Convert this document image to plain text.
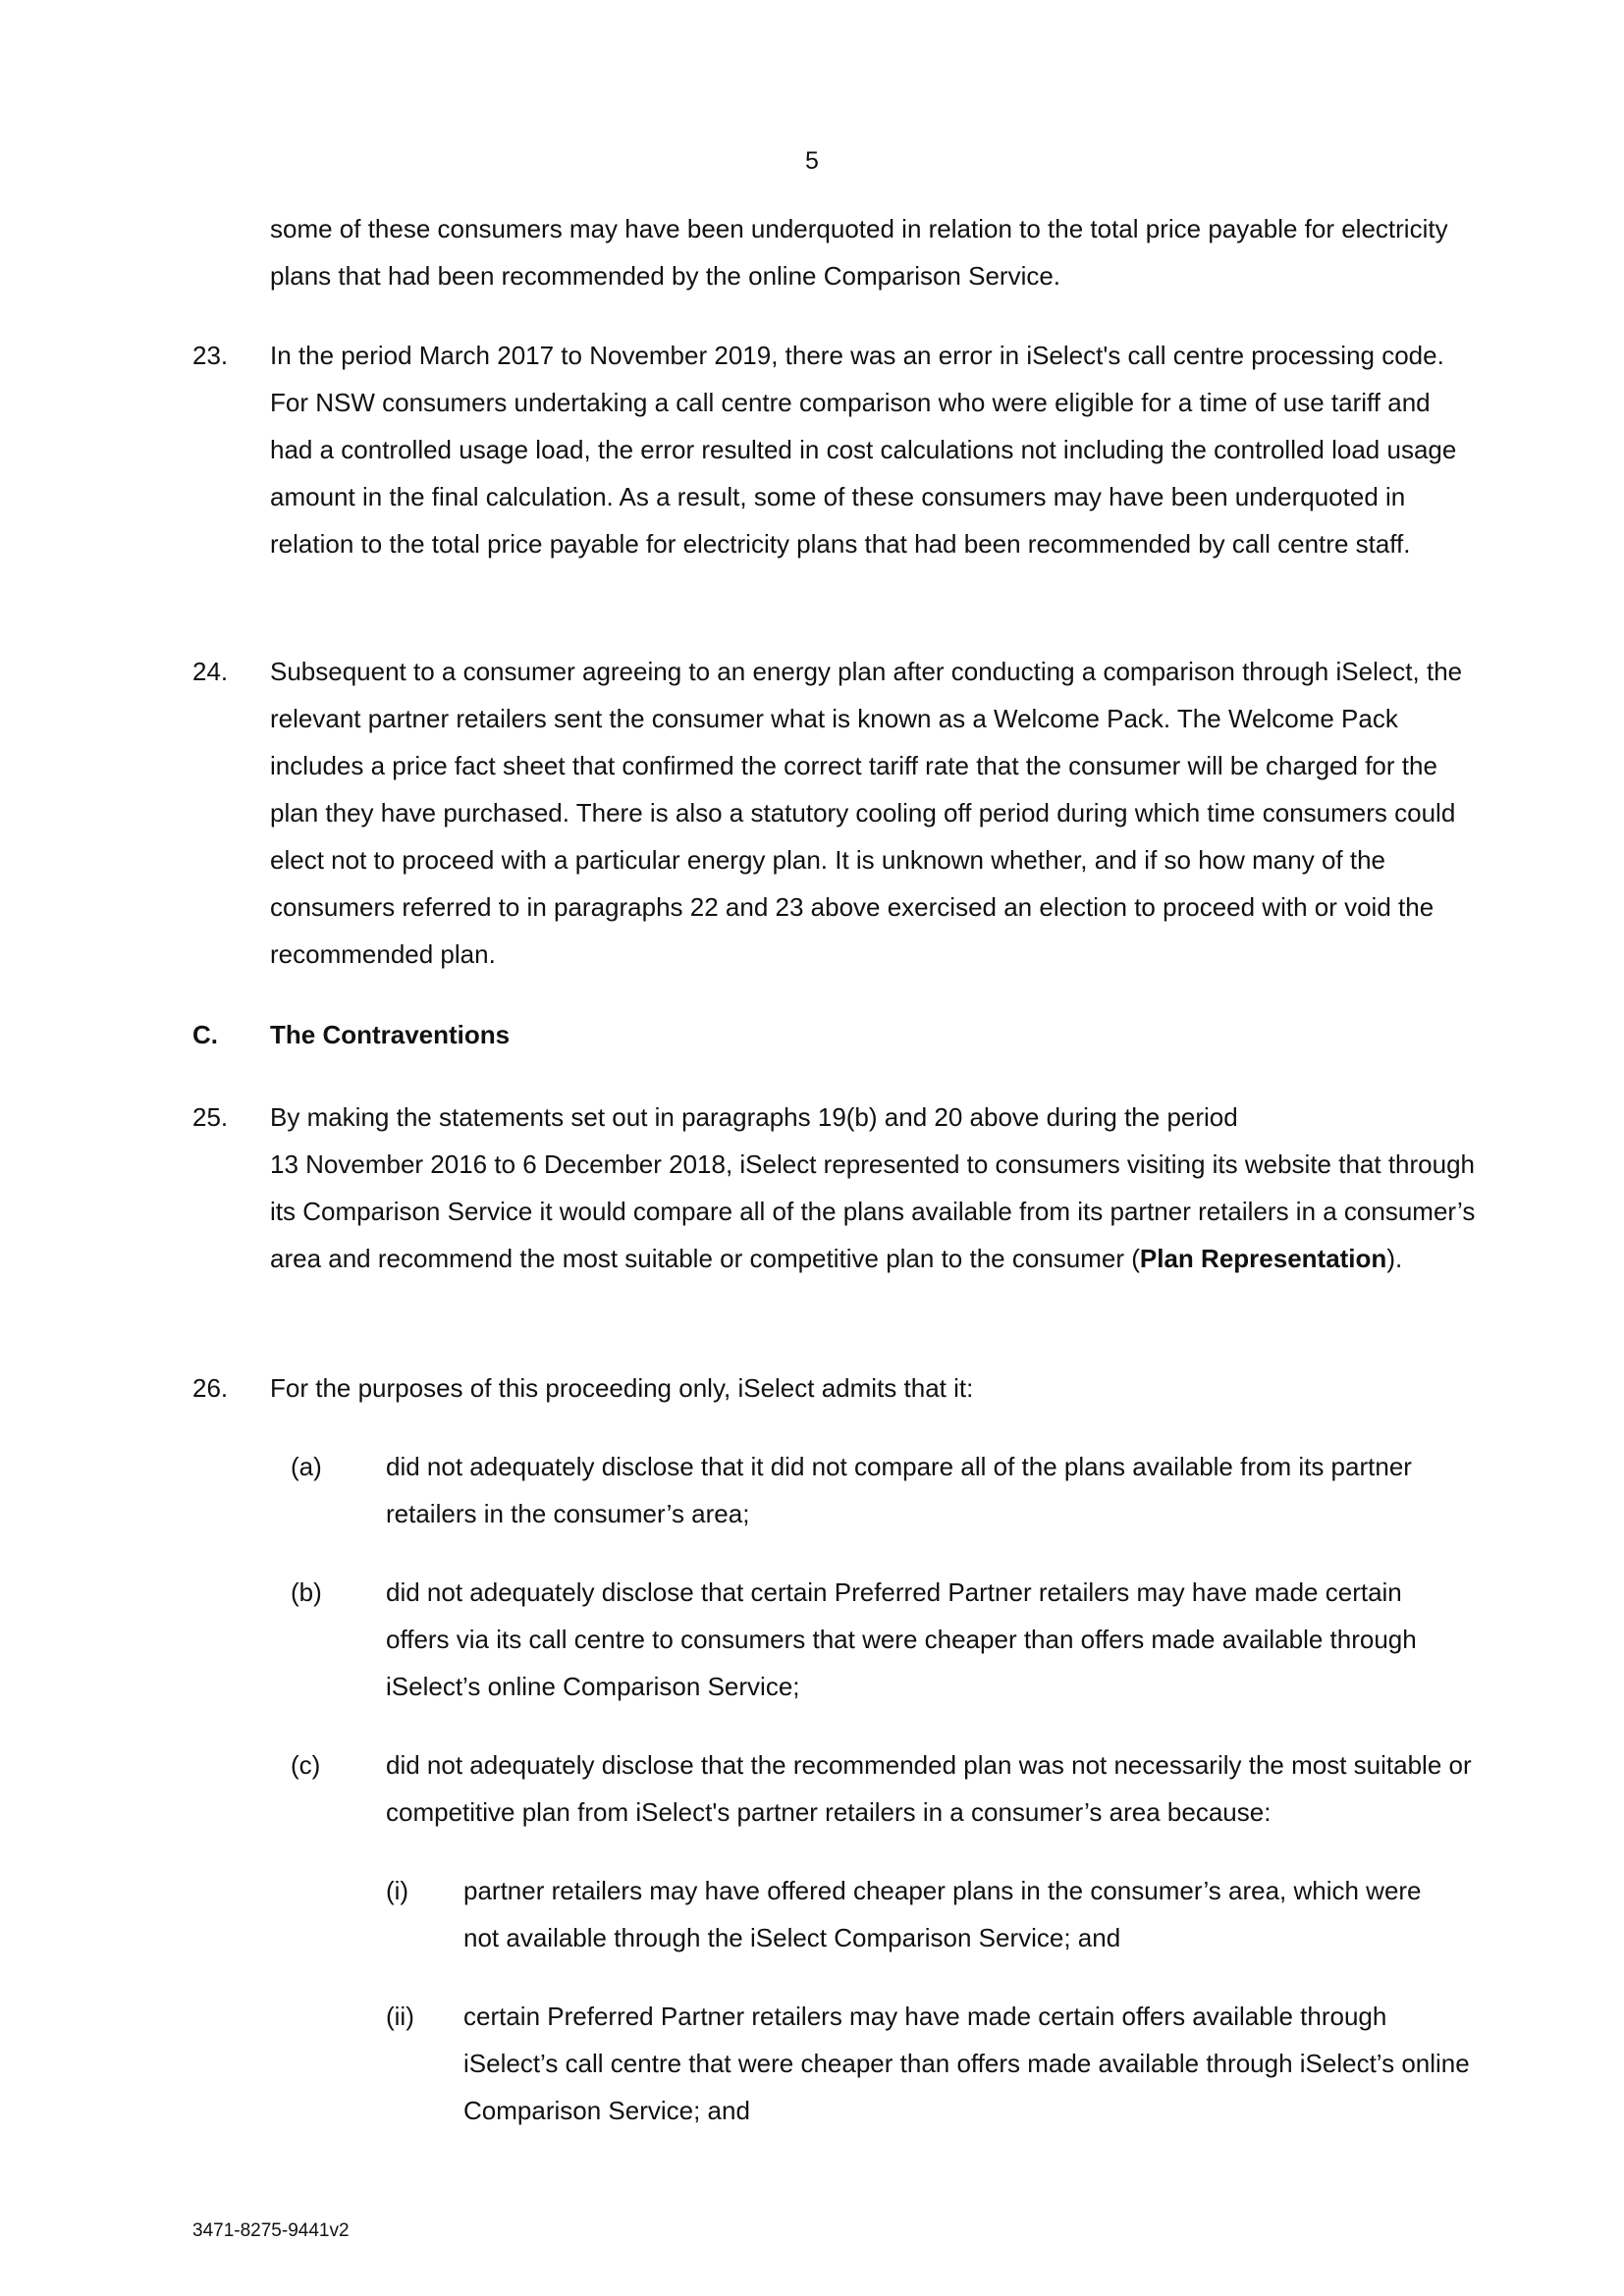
5
some of these consumers may have been underquoted in relation to the total price payable for electricity plans that had been recommended by the online Comparison Service.
23. In the period March 2017 to November 2019, there was an error in iSelect's call centre processing code. For NSW consumers undertaking a call centre comparison who were eligible for a time of use tariff and had a controlled usage load, the error resulted in cost calculations not including the controlled load usage amount in the final calculation. As a result, some of these consumers may have been underquoted in relation to the total price payable for electricity plans that had been recommended by call centre staff.
24. Subsequent to a consumer agreeing to an energy plan after conducting a comparison through iSelect, the relevant partner retailers sent the consumer what is known as a Welcome Pack. The Welcome Pack includes a price fact sheet that confirmed the correct tariff rate that the consumer will be charged for the plan they have purchased. There is also a statutory cooling off period during which time consumers could elect not to proceed with a particular energy plan. It is unknown whether, and if so how many of the consumers referred to in paragraphs 22 and 23 above exercised an election to proceed with or void the recommended plan.
C. The Contraventions
25. By making the statements set out in paragraphs 19(b) and 20 above during the period
13 November 2016 to 6 December 2018, iSelect represented to consumers visiting its website that through its Comparison Service it would compare all of the plans available from its partner retailers in a consumer’s area and recommend the most suitable or competitive plan to the consumer (Plan Representation).
26. For the purposes of this proceeding only, iSelect admits that it:
(a)	did not adequately disclose that it did not compare all of the plans available from its partner retailers in the consumer’s area;
(b)	did not adequately disclose that certain Preferred Partner retailers may have made certain offers via its call centre to consumers that were cheaper than offers made available through iSelect’s online Comparison Service;
(c)	did not adequately disclose that the recommended plan was not necessarily the most suitable or competitive plan from iSelect's partner retailers in a consumer’s area because:
(i) partner retailers may have offered cheaper plans in the consumer’s area, which were not available through the iSelect Comparison Service; and
(ii) certain Preferred Partner retailers may have made certain offers available through iSelect’s call centre that were cheaper than offers made available through iSelect’s online Comparison Service; and
3471-8275-9441v2
